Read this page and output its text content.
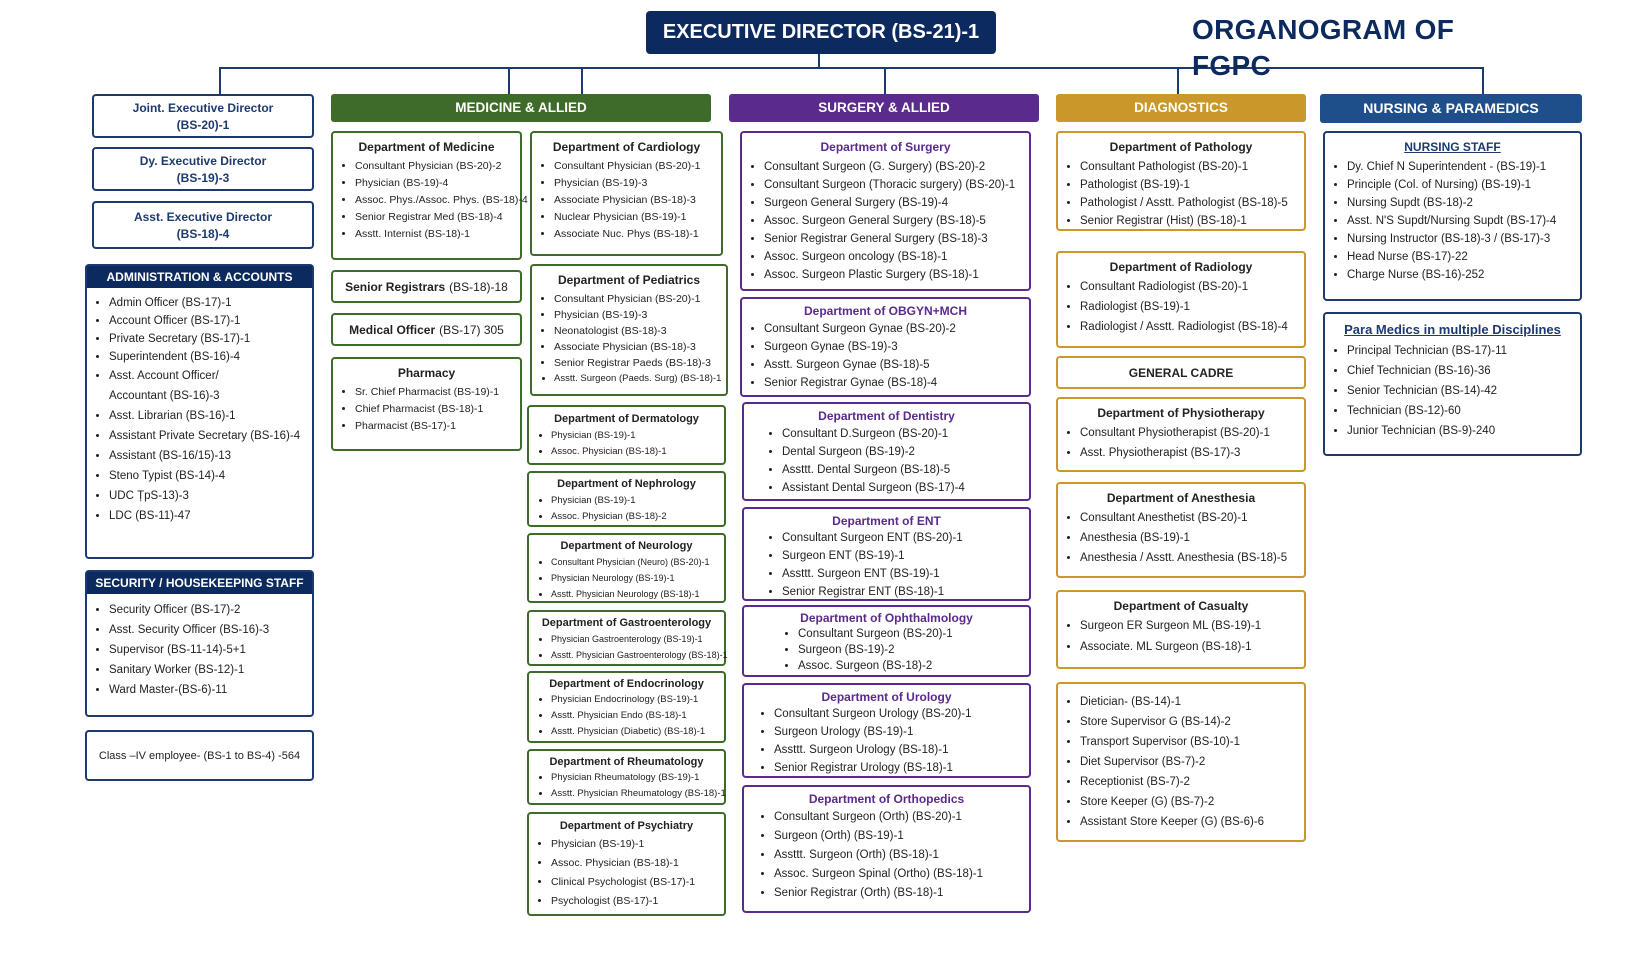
EXECUTIVE DIRECTOR (BS-21)-1	ORGANOGRAM OF FGPC
Joint. Executive Director
(BS-20)-1
Dy. Executive Director
(BS-19)-3
Asst. Executive Director
(BS-18)-4
ADMINISTRATION & ACCOUNTS
• Admin Officer (BS-17)-1
• Account Officer (BS-17)-1
• Private Secretary (BS-17)-1
• Superintendent (BS-16)-4
• Asst. Account Officer/
Accountant (BS-16)-3
• Asst. Librarian (BS-16)-1
• Assistant Private Secretary (BS-16)-4
• Assistant (BS-16/15)-13
• Steno Typist (BS-14)-4
• UDC ȚpS-13)-3
• LDC (BS-11)-47
SECURITY / HOUSEKEEPING STAFF
• Security Officer (BS-17)-2
• Asst. Security Officer (BS-16)-3
• Supervisor (BS-11-14)-5+1
• Sanitary Worker (BS-12)-1
• Ward Master-(BS-6)-11
Class –IV employee- (BS-1 to BS-4) -564
MEDICINE & ALLIED
Department of Medicine
• Consultant Physician (BS-20)-2
• Physician (BS-19)-4
• Assoc. Phys./Assoc. Phys. (BS-18)-4
• Senior Registrar Med (BS-18)-4
• Asstt. Internist (BS-18)-1
Senior Registrars (BS-18)-18
Medical Officer (BS-17) 305
Pharmacy
• Sr. Chief Pharmacist (BS-19)-1
• Chief Pharmacist (BS-18)-1
• Pharmacist (BS-17)-1
Department of Cardiology
• Consultant Physician (BS-20)-1
• Physician (BS-19)-3
• Associate Physician (BS-18)-3
• Nuclear Physician (BS-19)-1
• Associate Nuc. Phys (BS-18)-1
Department of Pediatrics
• Consultant Physician (BS-20)-1
• Physician (BS-19)-3
• Neonatologist (BS-18)-3
• Associate Physician (BS-18)-3
• Senior Registrar Paeds (BS-18)-3
• Asstt. Surgeon (Paeds. Surg) (BS-18)-1
Department of Dermatology
• Physician (BS-19)-1
• Assoc. Physician (BS-18)-1
Department of Nephrology
• Physician (BS-19)-1
• Assoc. Physician (BS-18)-2
Department of Neurology
• Consultant Physician (Neuro) (BS-20)-1
• Physician Neurology (BS-19)-1
• Asstt. Physician Neurology (BS-18)-1
Department of Gastroenterology
• Physician Gastroenterology (BS-19)-1
• Asstt. Physician Gastroenterology (BS-18)-1
Department of Endocrinology
• Physician Endocrinology (BS-19)-1
• Asstt. Physician Endo (BS-18)-1
• Asstt. Physician (Diabetic) (BS-18)-1
Department of Rheumatology
• Physician Rheumatology (BS-19)-1
• Asstt. Physician Rheumatology (BS-18)-1
Department of Psychiatry
• Physician (BS-19)-1
• Assoc. Physician (BS-18)-1
• Clinical Psychologist (BS-17)-1
• Psychologist (BS-17)-1
SURGERY & ALLIED
Department of Surgery
• Consultant Surgeon (G. Surgery) (BS-20)-2
• Consultant Surgeon (Thoracic surgery) (BS-20)-1
• Surgeon General Surgery (BS-19)-4
• Assoc. Surgeon General Surgery (BS-18)-5
• Senior Registrar General Surgery (BS-18)-3
• Assoc. Surgeon oncology (BS-18)-1
• Assoc. Surgeon Plastic Surgery (BS-18)-1
Department of OBGYN+MCH
• Consultant Surgeon Gynae (BS-20)-2
• Surgeon Gynae (BS-19)-3
• Asstt. Surgeon Gynae (BS-18)-5
• Senior Registrar Gynae (BS-18)-4
Department of Dentistry
• Consultant D.Surgeon (BS-20)-1
• Dental Surgeon (BS-19)-2
• Assttt. Dental Surgeon (BS-18)-5
• Assistant Dental Surgeon (BS-17)-4
Department of ENT
• Consultant Surgeon ENT (BS-20)-1
• Surgeon ENT (BS-19)-1
• Assttt. Surgeon ENT (BS-19)-1
• Senior Registrar ENT (BS-18)-1
Department of Ophthalmology
• Consultant Surgeon (BS-20)-1
• Surgeon (BS-19)-2
• Assoc. Surgeon (BS-18)-2
Department of Urology
• Consultant Surgeon Urology (BS-20)-1
• Surgeon Urology (BS-19)-1
• Assttt. Surgeon Urology (BS-18)-1
• Senior Registrar Urology (BS-18)-1
Department of Orthopedics
• Consultant Surgeon (Orth) (BS-20)-1
• Surgeon (Orth) (BS-19)-1
• Assttt. Surgeon (Orth) (BS-18)-1
• Assoc. Surgeon Spinal (Ortho) (BS-18)-1
• Senior Registrar (Orth) (BS-18)-1
DIAGNOSTICS
Department of Pathology
• Consultant Pathologist (BS-20)-1
• Pathologist (BS-19)-1
• Pathologist / Asstt. Pathologist (BS-18)-5
• Senior Registrar (Hist) (BS-18)-1
Department of Radiology
• Consultant Radiologist (BS-20)-1
• Radiologist (BS-19)-1
• Radiologist / Asstt. Radiologist (BS-18)-4
GENERAL CADRE
Department of Physiotherapy
• Consultant Physiotherapist (BS-20)-1
• Asst. Physiotherapist (BS-17)-3
Department of Anesthesia
• Consultant Anesthetist (BS-20)-1
• Anesthesia (BS-19)-1
• Anesthesia / Asstt. Anesthesia (BS-18)-5
Department of Casualty
• Surgeon ER Surgeon ML (BS-19)-1
• Associate. ML Surgeon (BS-18)-1
• Dietician- (BS-14)-1
• Store Supervisor G (BS-14)-2
• Transport Supervisor (BS-10)-1
• Diet Supervisor (BS-7)-2
• Receptionist (BS-7)-2
• Store Keeper (G) (BS-7)-2
• Assistant Store Keeper (G) (BS-6)-6
NURSING & PARAMEDICS
NURSING STAFF
• Dy. Chief N Superintendent - (BS-19)-1
• Principle (Col. of Nursing) (BS-19)-1
• Nursing Supdt (BS-18)-2
• Asst. N'S Supdt/Nursing Supdt (BS-17)-4
• Nursing Instructor (BS-18)-3 / (BS-17)-3
• Head Nurse (BS-17)-22
• Charge Nurse (BS-16)-252
Para Medics in multiple Disciplines
• Principal Technician (BS-17)-11
• Chief Technician (BS-16)-36
• Senior Technician (BS-14)-42
• Technician (BS-12)-60
• Junior Technician (BS-9)-240
